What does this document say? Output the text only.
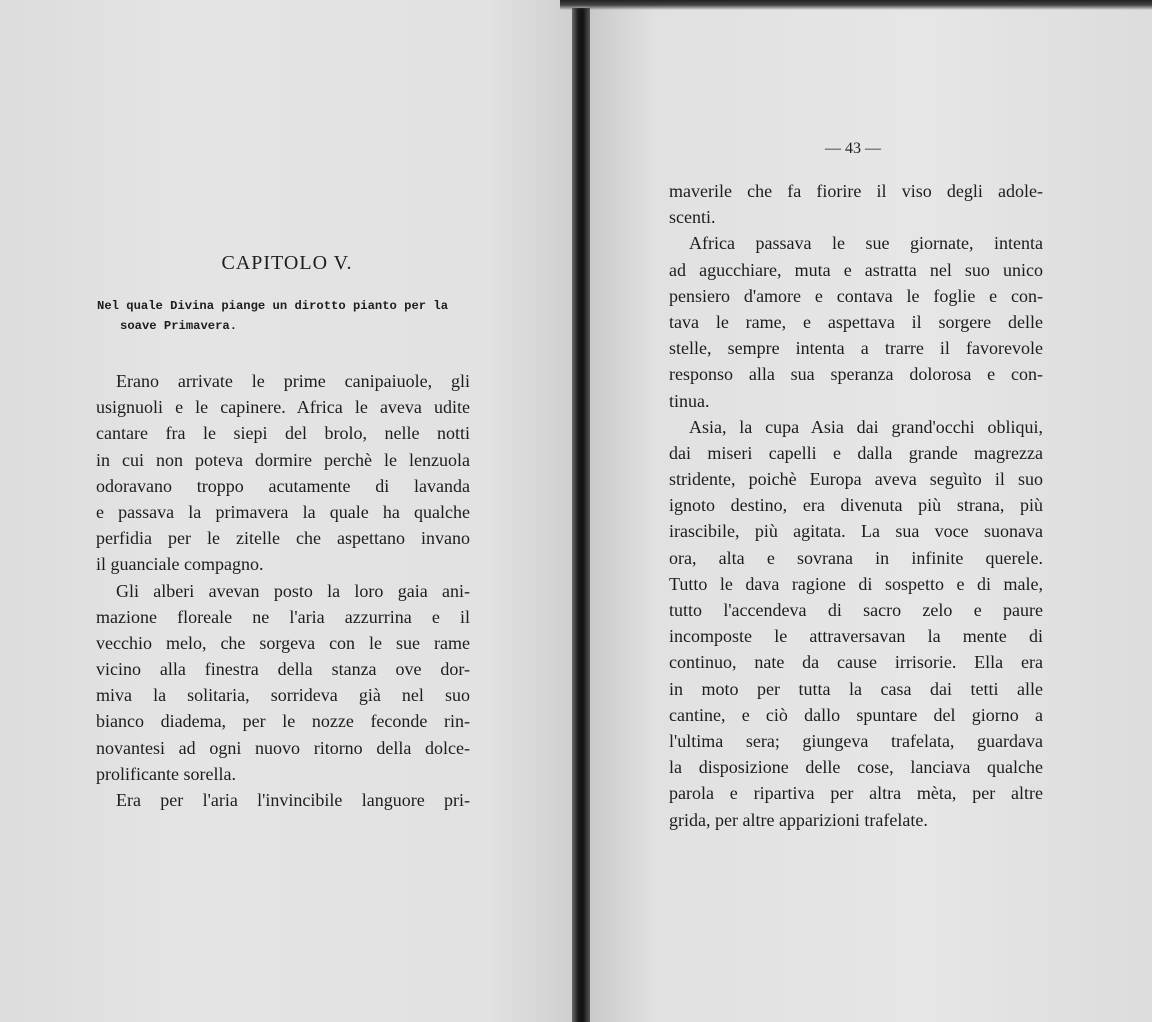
CAPITOLO V.
Nel quale Divina piange un dirotto pianto per la
soave Primavera.
Erano arrivate le prime canipaiuole, gli
usignuoli e le capinere. Africa le aveva udite
cantare fra le siepi del brolo, nelle notti
in cui non poteva dormire perchè le lenzuola
odoravano troppo acutamente di lavanda
e passava la primavera la quale ha qualche
perfidia per le zitelle che aspettano invano
il guanciale compagno.
Gli alberi avevan posto la loro gaia ani-
mazione floreale ne l'aria azzurrina e il
vecchio melo, che sorgeva con le sue rame
vicino alla finestra della stanza ove dor-
miva la solitaria, sorrideva già nel suo
bianco diadema, per le nozze feconde rin-
novantesi ad ogni nuovo ritorno della dolce-
prolificante sorella.
Era per l'aria l'invincibile languore pri-
— 43 —
maverile che fa fiorire il viso degli adole-
scenti.
Africa passava le sue giornate, intenta
ad agucchiare, muta e astratta nel suo unico
pensiero d'amore e contava le foglie e con-
tava le rame, e aspettava il sorgere delle
stelle, sempre intenta a trarre il favorevole
responso alla sua speranza dolorosa e con-
tinua.
Asia, la cupa Asia dai grand'occhi obliqui,
dai miseri capelli e dalla grande magrezza
stridente, poichè Europa aveva seguìto il suo
ignoto destino, era divenuta più strana, più
irascibile, più agitata. La sua voce suonava
ora, alta e sovrana in infinite querele.
Tutto le dava ragione di sospetto e di male,
tutto l'accendeva di sacro zelo e paure
incomposte le attraversavan la mente di
continuo, nate da cause irrisorie. Ella era
in moto per tutta la casa dai tetti alle
cantine, e ciò dallo spuntare del giorno a
l'ultima sera; giungeva trafelata, guardava
la disposizione delle cose, lanciava qualche
parola e ripartiva per altra mèta, per altre
grida, per altre apparizioni trafelate.
